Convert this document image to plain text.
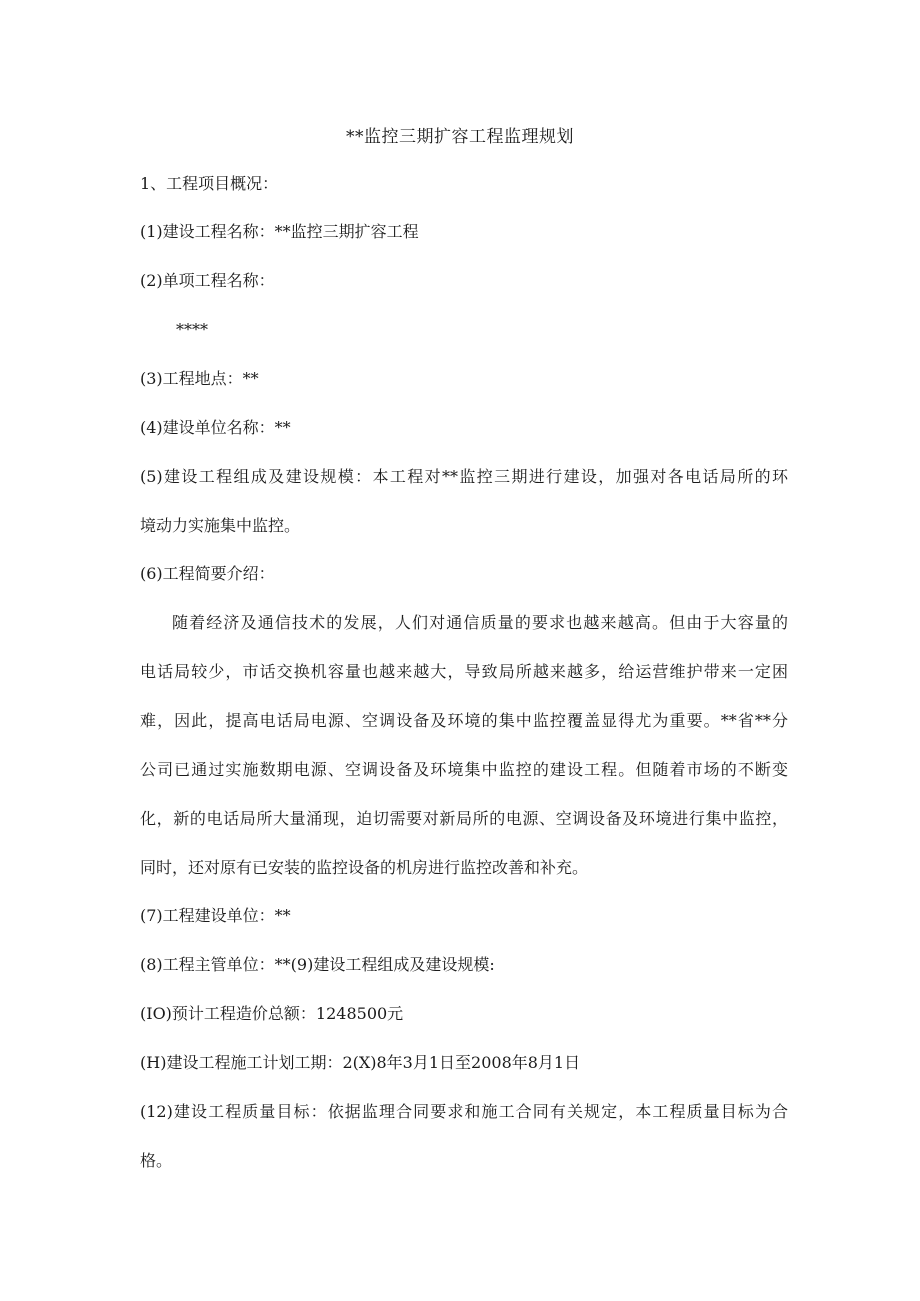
**监控三期扩容工程监理规划
1、工程项目概况：
(1)建设工程名称：**监控三期扩容工程
(2)单项工程名称：
****
(3)工程地点：**
(4)建设单位名称：**
(5)建设工程组成及建设规模：本工程对**监控三期进行建设，加强对各电话局所的环
境动力实施集中监控。
(6)工程简要介绍：
随着经济及通信技术的发展，人们对通信质量的要求也越来越高。但由于大容量的
电话局较少，市话交换机容量也越来越大，导致局所越来越多，给运营维护带来一定困
难，因此，提高电话局电源、空调设备及环境的集中监控覆盖显得尤为重要。**省**分
公司已通过实施数期电源、空调设备及环境集中监控的建设工程。但随着市场的不断变
化，新的电话局所大量涌现，迫切需要对新局所的电源、空调设备及环境进行集中监控，
同时，还对原有已安装的监控设备的机房进行监控改善和补充。
(7)工程建设单位：**
(8)工程主管单位：**(9)建设工程组成及建设规模:
(IO)预计工程造价总额：1248500元
(H)建设工程施工计划工期：2(X)8年3月1日至2008年8月1日
(12)建设工程质量目标：依据监理合同要求和施工合同有关规定，本工程质量目标为合
格。
